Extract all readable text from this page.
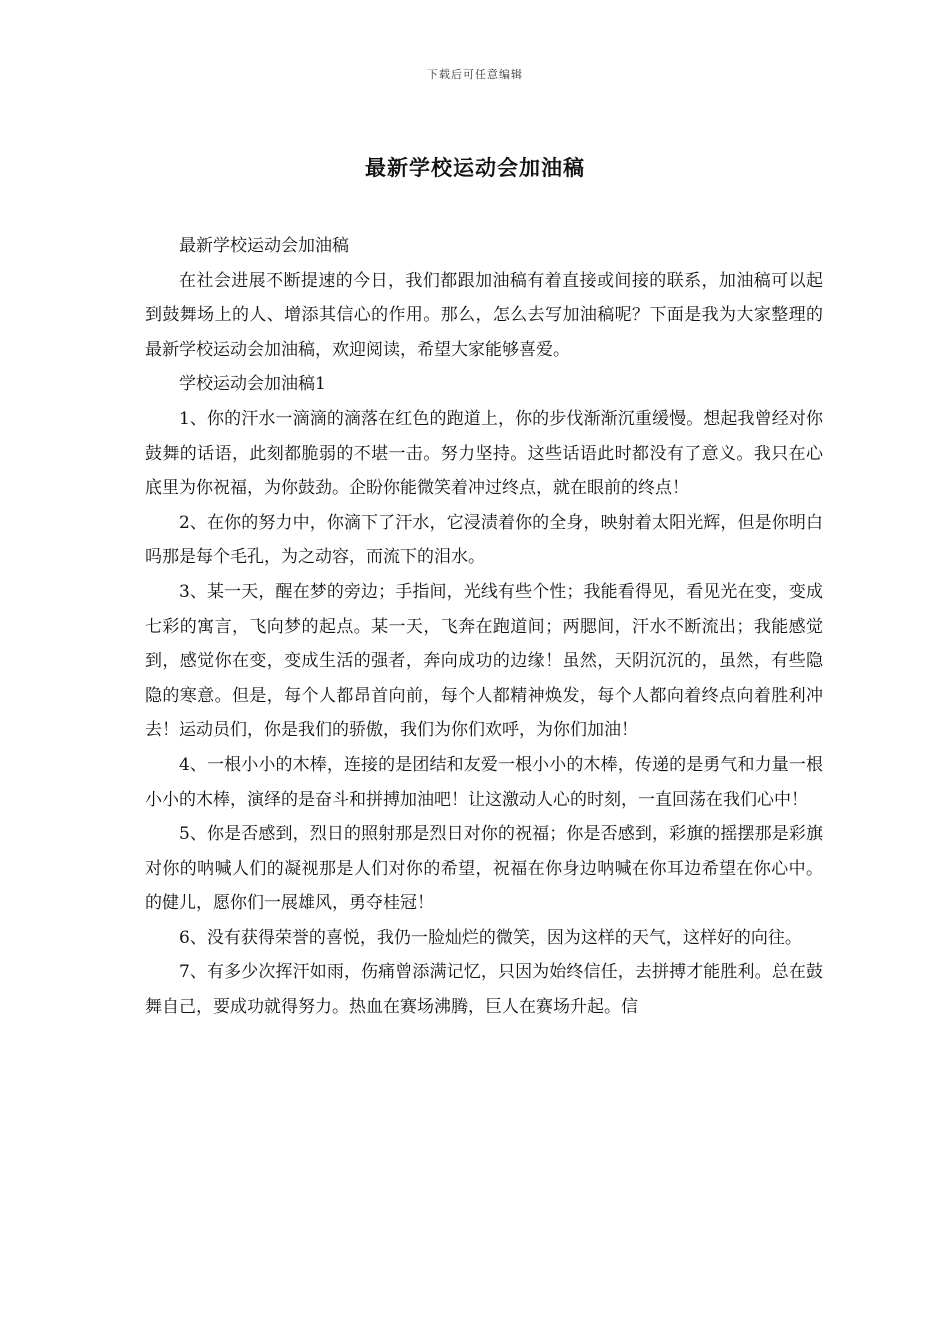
下载后可任意编辑
最新学校运动会加油稿

最新学校运动会加油稿

在社会进展不断提速的今日，我们都跟加油稿有着直接或间接的联系，加油稿可以起到鼓舞场上的人、增添其信心的作用。那么，怎么去写加油稿呢？下面是我为大家整理的最新学校运动会加油稿，欢迎阅读，希望大家能够喜爱。

学校运动会加油稿1

1、你的汗水一滴滴的滴落在红色的跑道上，你的步伐渐渐沉重缓慢。想起我曾经对你鼓舞的话语，此刻都脆弱的不堪一击。努力坚持。这些话语此时都没有了意义。我只在心底里为你祝福，为你鼓劲。企盼你能微笑着冲过终点，就在眼前的终点！

2、在你的努力中，你滴下了汗水，它浸渍着你的全身，映射着太阳光辉，但是你明白吗那是每个毛孔，为之动容，而流下的泪水。

3、某一天，醒在梦的旁边；手指间，光线有些个性；我能看得见，看见光在变，变成七彩的寓言，飞向梦的起点。某一天，飞奔在跑道间；两腮间，汗水不断流出；我能感觉到，感觉你在变，变成生活的强者，奔向成功的边缘！虽然，天阴沉沉的，虽然，有些隐隐的寒意。但是，每个人都昂首向前，每个人都精神焕发，每个人都向着终点向着胜利冲去！运动员们，你是我们的骄傲，我们为你们欢呼，为你们加油！

4、一根小小的木棒，连接的是团结和友爱一根小小的木棒，传递的是勇气和力量一根小小的木棒，演绎的是奋斗和拼搏加油吧！让这激动人心的时刻，一直回荡在我们心中！

5、你是否感到，烈日的照射那是烈日对你的祝福；你是否感到，彩旗的摇摆那是彩旗对你的呐喊人们的凝视那是人们对你的希望，祝福在你身边呐喊在你耳边希望在你心中。的健儿，愿你们一展雄风，勇夺桂冠！

6、没有获得荣誉的喜悦，我仍一脸灿烂的微笑，因为这样的天气，这样好的向往。

7、有多少次挥汗如雨，伤痛曾添满记忆，只因为始终信任，去拼搏才能胜利。总在鼓舞自己，要成功就得努力。热血在赛场沸腾，巨人在赛场升起。信
